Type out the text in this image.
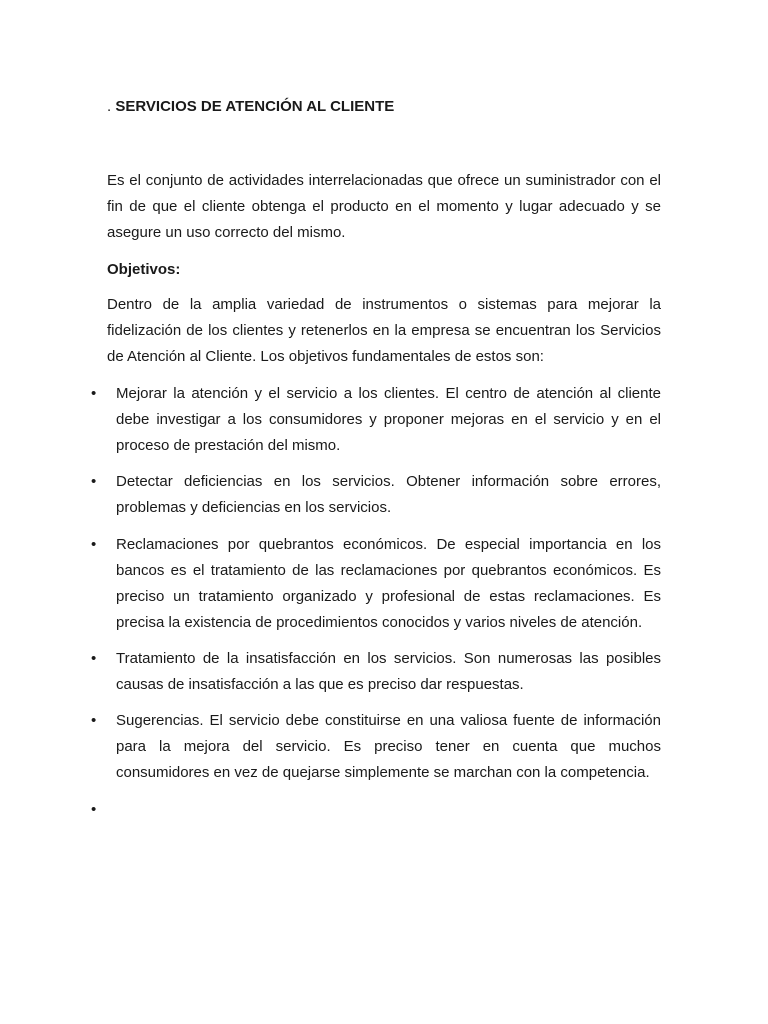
. SERVICIOS DE ATENCIÓN AL CLIENTE
Es el conjunto de actividades interrelacionadas que ofrece un suministrador con el fin de que el cliente obtenga el producto en el momento y lugar adecuado y se asegure un uso correcto del mismo.
Objetivos:
Dentro de la amplia variedad de instrumentos o sistemas para mejorar la fidelización de los clientes y retenerlos en la empresa se encuentran los Servicios de Atención al Cliente. Los objetivos fundamentales de estos son:
• Mejorar la atención y el servicio a los clientes. El centro de atención al cliente debe investigar a los consumidores y proponer mejoras en el servicio y en el proceso de prestación del mismo.
• Detectar deficiencias en los servicios. Obtener información sobre errores, problemas y deficiencias en los servicios.
• Reclamaciones por quebrantos económicos. De especial importancia en los bancos es el tratamiento de las reclamaciones por quebrantos económicos. Es preciso un tratamiento organizado y profesional de estas reclamaciones. Es precisa la existencia de procedimientos conocidos y varios niveles de atención.
• Tratamiento de la insatisfacción en los servicios. Son numerosas las posibles causas de insatisfacción a las que es preciso dar respuestas.
• Sugerencias. El servicio debe constituirse en una valiosa fuente de información para la mejora del servicio. Es preciso tener en cuenta que muchos consumidores en vez de quejarse simplemente se marchan con la competencia.
•
